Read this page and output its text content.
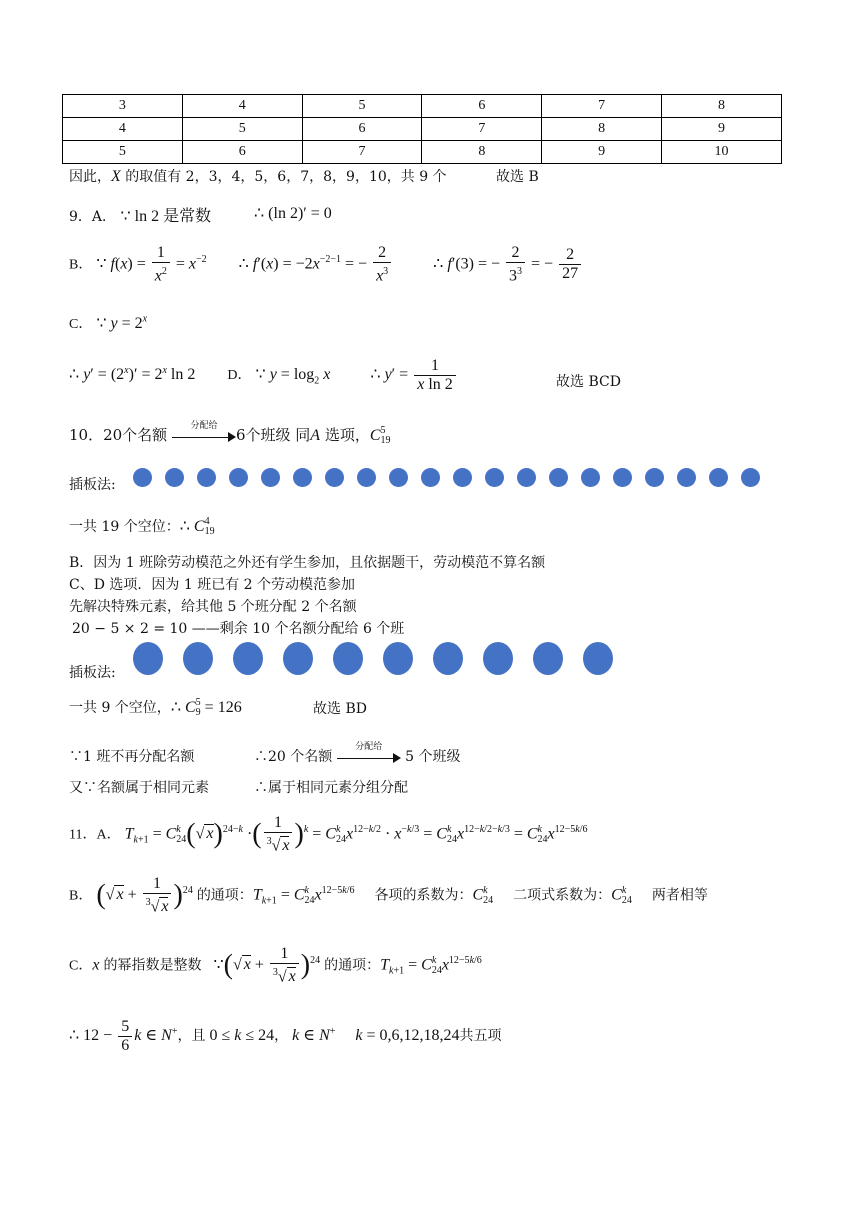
3	4	5	6	7	8
4	5	6	7	8	9
5	6	7	8	9	10
因此，X 的取值有 2，3，4，5，6，7，8，9，10，共 9 个	故选 B
9．A． ∵ ln 2 是常数	∴ (ln 2)′ = 0
B． ∵ $f(x) = \frac{1}{x^2} = x^{-2}$        ∴ $f'(x) = -2x^{-2-1}$ = − $\frac{2}{x^3}$ ∴ f′(3) = − $\frac{2}{3^3}$ = − $\frac{2}{27}$
C． ∵ $y = 2^x$
∴ $y' = (2^x)' = 2^x$ ln 2        D． ∵ $y = \log_2 x$          ∴ $y' = \frac{1}{\text{x ln 2}}$	故选 BCD
10．20个名额	分配给	6个班级 同A 选项，C5
19
插板法:
一共 19 个空位：∴ C4
19
B．因为 1 班除劳动模范之外还有学生参加，且依据题干，劳动模范不算名额
C、D 选项．因为 1 班已有 2 个劳动模范参加
先解决特殊元素，给其他 5 个班分配 2 个名额
20 − 5 × 2 = 10 ——剩余 10 个名额分配给 6 个班
插板法:
一共 9 个空位，∴ C5
9 = 126	故选 BD
∵1 班不再分配名额	∴20 个名额
分配给
5 个班级
又∵名额属于相同元素	∴属于相同元素分组分配
11．A． $T_{k+1} = Ck$
24(√ x)$^{24-k}$ ·( $\frac{1}{^3√ x} )^k = Ck$
$24x^{12-k/2} \cdot x^{-k/3} = Ck$
$24x^{12-k/2-k/3} = Ck$
$24x^{12-5k/6}$
B． (√ $x + \frac{1}{^3√ x} )^{24}$ 的通项：$T_{k+1} = Ck$
$24x^{12-5k/6}$ 各项的系数为：Ck
24 二项式系数为：Ck
24 两者相等
C．x 的幂指数是整数   ∵(√ $x + \frac{1}{^3√ x} )^{24}$ 的通项：$T_{k+1} = Ck$
$24x^{12-5k/6}$
∴ $12 - \frac{5}{6}$ k ∈ N+，且 0 ≤ k ≤ 24， k ∈ N+ k = 0,6,12,18,24共五项
